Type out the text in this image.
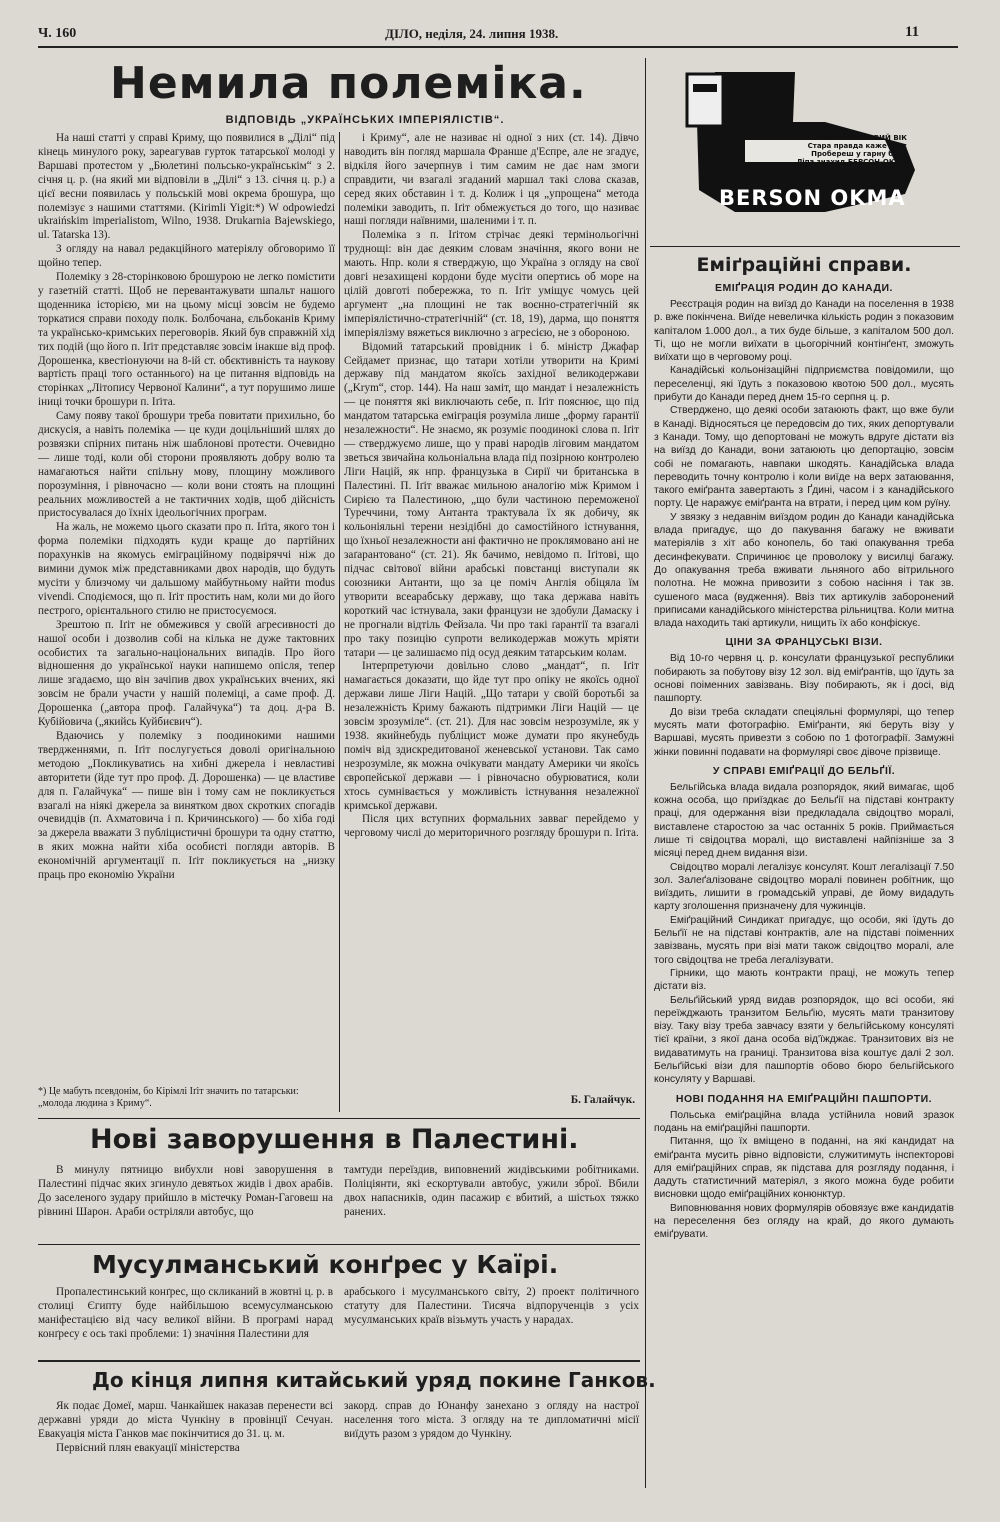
Ч. 160	ДІЛО, неділя, 24. липня 1938.	11
Немила полеміка.
ВІДПОВІДЬ „УКРАЇНСЬКИХ ІМПЕРІЯЛІСТІВ“.

На наші статті у справі Криму, що появилися в „Ділі“ під кінець минулого року, зареагував гурток татарської молоді у Варшаві протестом у „Бюлетині польсько-українськім“ з 2. січня ц. р. (на який ми відповіли в „Ділі“ з 13. січня ц. р.) а цієї весни появилась у польській мові окрема брошура, що полемізує з нашими статтями. (Kirimli Yigit:*) W odpowiedzi ukraińskim imperialistom, Wilno, 1938. Drukarnia Bajewskiego, ul. Tatarska 13).

З огляду на навал редакційного матеріялу обговоримо її щойно тепер.

Полеміку з 28-сторінковою брошурою не легко помістити у газетній статті. Щоб не перевантажувати шпальт нашого щоденника історією, ми на цьому місці зовсім не будемо торкатися справи походу полк. Болбочана, єльбоканів Криму та українсько-кримських переговорів. Який був справжній хід тих подій (що його п. Іґіт представляє зовсім інакше від проф. Дорошенка, квестіонуючи на 8-ій ст. обєктивність та наукову вартість праці того останнього) на це питання відповідь на сторінках „Літопису Червоної Калини“, а тут порушимо лише іниці точки брошури п. Іґіта.

Саму появу такої брошури треба повитати прихильно, бо дискусія, а навіть полеміка — це куди доцільніший шлях до розвязки спірних питань ніж шаблонові протести. Очевидно — лише тоді, коли обі сторони проявляють добру волю та намагаються найти спільну мову, площину можливого порозуміння, і рівночасно — коли вони стоять на площині реальних можливостей а не тактичних ходів, щоб дійсність пристосувалася до їхніх ідеольогічних програм.

На жаль, не можемо цього сказати про п. Іґіта, якого тон і форма полеміки підходять куди краще до партійних порахунків на якомусь еміграційному подвіряччі ніж до вимини думок між представниками двох народів, що будуть мусіти у близчому чи дальшому майбутньому найти modus vivendi. Сподіємося, що п. Іґіт простить нам, коли ми до його пестрого, орієнтального стилю не пристосуємося.

Зрештою п. Іґіт не обмежився у своїй агресивності до нашої особи і дозволив собі на кілька не дуже тактовних особистих та загально-національних випадів. Про його відношення до української науки напишемо опісля, тепер лише згадаємо, що він зачіпив двох українських вчених, які зовсім не брали участи у нашій полеміці, а саме проф. Д. Дорошенка („автора проф. Галайчука“) та доц. д-ра В. Кубійовича („якийсь Куйбиєвич“).

Вдаючись у полеміку з поодинокими нашими твердженнями, п. Іґіт послугується доволі оригінальною методою „Покликуватись на хибні джерела і невластиві авторитети (йде тут про проф. Д. Дорошенка) — це властиве для п. Галайчука“ — пише він і тому сам не покликується взагалі на ніякі джерела за винятком двох скротких спогадів очевидців (п. Ахматовича і п. Кричинського) — бо хіба годі за джерела вважати 3 публіцистичні брошури та одну статтю, в яких можна найти хіба особисті погляди авторів. В економічній аргументації п. Іґіт покликується на „низку праць про економію України

*) Це мабуть псевдонім, бо Кірімлі Іґіт значить по татарськи: „молода людина з Криму“.

і Криму“, але не називає ні одної з них (ст. 14). Дівчо наводить він погляд маршала Франше д'Еспре, але не згадує, відкіля його зачерпнув і тим самим не дає нам змоги справдити, чи взагалі згаданий маршал такі слова сказав, серед яких обставин і т. д. Колиж і ця „упрощена“ метода полеміки заводить, п. Іґіт обмежується до того, що називає наші погляди наївними, шаленими і т. п.

Полеміка з п. Іґітом стрічає деякі термінольогічні труднощі: він дає деяким словам значіння, якого вони не мають. Нпр. коли я стверджую, що Україна з огляду на свої довгі незахищені кордони буде мусіти опертись об море на цілій довготі побережжа, то п. Іґіт уміщує чомусь цей аргумент „на площині не так воєнно-стратегічній як імперіялістично-стратегічній“ (ст. 18, 19), дарма, що поняття імперіялізму вяжеться виключно з агресією, не з обороною.

Відомий татарський провідник і б. міністр Джафар Сейдамет признає, що татари хотіли утворити на Кримі державу під мандатом якоїсь західної великодержави („Krym“, стор. 144). На наш заміт, що мандат і незалежність — це поняття які виключають себе, п. Іґіт пояснює, що під мандатом татарська еміграція розуміла лише „форму ґарантії незалежности“. Не знаємо, як розуміє поодинокі слова п. Іґіт — стверджуємо лише, що у праві народів ліговим мандатом зветься звичайна кольоніальна влада під позірною контролею Ліги Націй, як нпр. французька в Сирії чи британська в Палестині. П. Іґіт вважає мильною аналогію між Кримом і Сирією та Палестиною, „що були частиною переможеної Туреччини, тому Антанта трактувала їх як добичу, як кольоніяльні терени незідібні до самостійного істнування, що їхньої незалежности ані фактично не проклямовано ані не заґарантовано“ (ст. 21). Як бачимо, невідомо п. Іґітові, що підчас світової війни арабські повстанці виступали як союзники Антанти, що за це поміч Англія обіцяла їм утворити всеарабську державу, що така держава навіть короткий час істнувала, заки французи не здобули Дамаску і не прогнали відтіль Фейзала. Чи про такі ґарантії та взагалі про таку позицію супроти великодержав можуть мріяти татари — це залишаємо під осуд деяким татарським колам.

Інтерпретуючи довільно слово „мандат“, п. Іґіт намагається доказати, що йде тут про опіку не якоїсь одної держави лише Ліги Націй. „Що татари у своїй боротьбі за незалежність Криму бажають підтримки Ліги Націй — це зовсім зрозуміле“. (ст. 21). Для нас зовсім незрозуміле, як у 1938. якийнебудь публіцист може думати про якунебудь поміч від здискредитованої женевської установи. Так само незрозуміле, як можна очікувати мандату Америки чи якоїсь європейської держави — і рівночасно обурюватися, коли хтось сумнівається у можливість істнування незалежної кримської держави.

Після цих вступних формальних завваг перейдемо у черговому числі до мериторичного розгляду брошури п. Іґіта.

Б. Галайчук.

ПОЧИНАЄ НОВИЙ ВІК
Стара правда каже світ:
Пробереш у гарну брат
Ліпа знахид БЕРСОН-ОКМА
ШКІРЯНУ
BERSON OKMA
Еміґраційні справи.
ЕМІҐРАЦІЯ РОДИН ДО КАНАДИ.

Реєстрація родин на виїзд до Канади на поселення в 1938 р. вже покінчена. Виїде невеличка кількість родин з показовим капіталом 1.000 дол., а тих буде більше, з капіталом 500 дол. Ті, що не могли виїхати в цьогорічний контінґент, зможуть виїхати що в черговому році.

Канадійські кольонізаційні підприємства повідомили, що переселенці, які їдуть з показовою квотою 500 дол., мусять прибути до Канади перед днем 15-го серпня ц. р.

Стверджено, що деякі особи затаюють факт, що вже були в Канаді. Відносяться це передовсім до тих, яких депортували з Канади. Тому, що депортовані не можуть вдруге дістати віз на виїзд до Канади, вони затаюють цю депортацію, зовсім собі не помагають, навпаки шкодять. Канадійська влада переводить точну контролю і коли виїде на верх затаювання, такого еміґранта завертають з Ґдині, часом і з канадійського порту. Це наражує еміґранта на втрати, і перед цим ком руїну.

У звязку з недавнім виїздом родин до Канади канадійська влада пригадує, що до пакування багажу не вживати матеріялів з хіт або конопель, бо такі опакування треба десинфекувати. Спричинює це проволоку у висилці багажу. До опакування треба вживати льняного або вітрильного полотна. Не можна привозити з собою насіння і так зв. сушеного маса (вудження). Ввіз тих артикулів заборонений приписами канадійського міністерства рільництва. Коли митна влада находить такі артикули, нищить їх або конфіскує.

ЦІНИ ЗА ФРАНЦУСЬКІ ВІЗИ.

Від 10-го червня ц. р. консулати французької республики побирають за побутову візу 12 зол. від еміґрантів, що їдуть за основі поіменних завізвань. Візу побирають, як і досі, від пашпорту.

До візи треба складати спеціяльні формулярі, що тепер мусять мати фотографію. Еміґранти, які беруть візу у Варшаві, мусять привезти з собою по 1 фотографії. Замужні жінки повинні подавати на формулярі своє дівоче прізвище.

У СПРАВІ ЕМІҐРАЦІЇ ДО БЕЛЬҐІЇ.

Бельгійська влада видала розпорядок, який вимагає, щоб кожна особа, що приїздкає до Бельґії на підставі контракту праці, для одержання візи предкладала свідоцтво моралі, виставлене старостою за час останніх 5 років. Приймається лише ті свідоцтва моралі, що виставлені найпізніше за 3 місяці перед днем видання візи.

Свідоцтво моралі легалізує консулят. Кошт легалізації 7.50 зол. Залеґалізоване свідоцтво моралі повинен робітник, що виїздить, лишити в громадській управі, де йому видадуть карту зголошення призначену для чужинців.

Еміґраційний Синдикат пригадує, що особи, які їдуть до Бельґії не на підставі контрактів, але на підставі поіменних завізвань, мусять при візі мати також свідоцтво моралі, але того свідоцтва не треба легалізувати.

Гірники, що мають контракти праці, не можуть тепер дістати віз.

Бельґійський уряд видав розпорядок, що всі особи, які переїжджають транзитом Бельґію, мусять мати транзитову візу. Таку візу треба завчасу взяти у бельгійському консуляті тієї країни, з якої дана особа від'їжджає. Транзитових віз не видаватимуть на границі. Транзитова віза коштує далі 2 зол. Бельґійські візи для пашпортів обово бюро бельгійського консуляту у Варшаві.

НОВІ ПОДАННЯ НА ЕМІҐРАЦІЙНІ ПАШПОРТИ.

Польська еміґраційна влада устійнила новий зразок подань на еміґраційні пашпорти.

Питання, що їх вміщено в поданні, на які кандидат на еміґранта мусить рівно відповісти, служитимуть інспекторові для еміґраційних справ, як підстава для розгляду подання, і дадуть статистичний матеріял, з якого можна буде робити висновки щодо еміґраційних конюнктур.

Виповнювання нових формулярів обовязує вже кандидатів на переселення без огляду на край, до якого думають еміґрувати.

Нові заворушення в Палестині.

В минулу пятницю вибухли нові заворушення в Палестині підчас яких згинуло девятьох жидів і двох арабів. До заселеного зудару прийшло в містечку Роман-Гаговеш на рівнині Шарон. Араби остріляли автобус, що

тамтуди переїздив, виповнений жидівськими робітниками. Поліціянти, які ескортували автобус, ужили зброї. Вбили двох напасників, один пасажир є вбитий, а шістьох тяжко ранених.

Мусулманський конґрес у Каїрі.

Пропалестинський конґрес, що скликаний в жовтні ц. р. в столиці Єгипту буде найбільшою всемусулманською маніфестацією від часу великої війни. В програмі нарад конґресу є ось такі проблеми: 1) значіння Палестини для

арабського і мусулманського світу, 2) проект політичного статуту для Палестини. Тисяча відпорученців з усіх мусулманських країв візьмуть участь у нарадах.

До кінця липня китайський уряд покине Ганков.

Як подає Домеї, марш. Чанкайшек наказав перенести всі державні уряди до міста Чункіну в провінції Сечуан. Евакуація міста Ганков має покінчитися до 31. ц. м.

Первісний плян евакуації міністерства

закорд. справ до Юнанфу занехано з огляду на настрої населення того міста. З огляду на те дипломатичні місії виїдуть разом з урядом до Чункіну.
